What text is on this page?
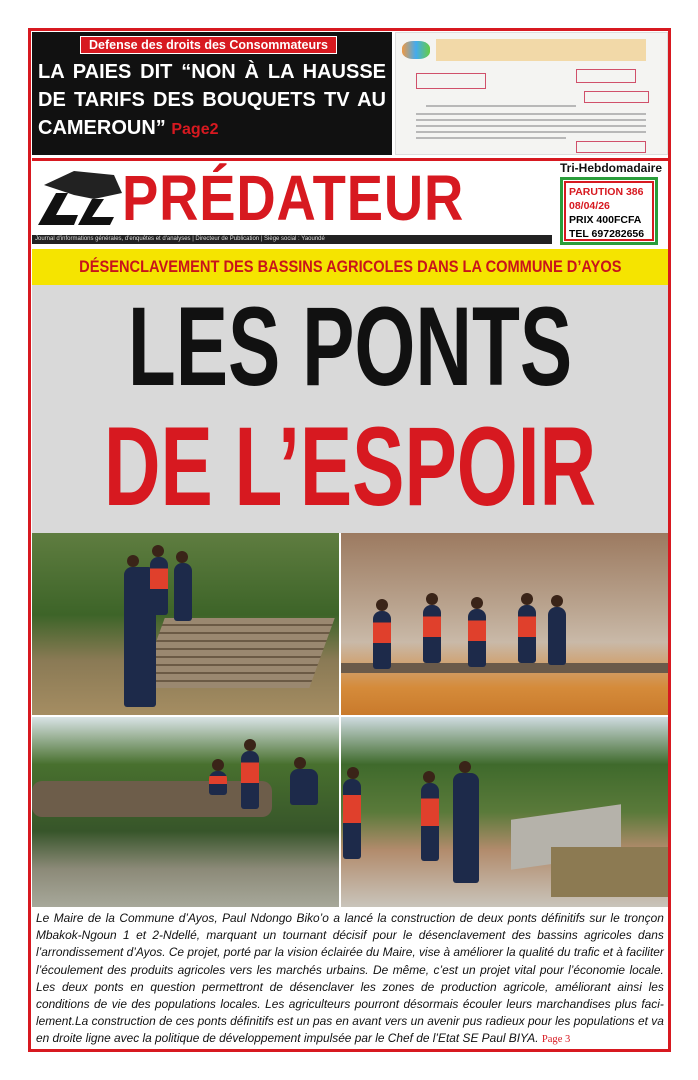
Defense des droits des Consommateurs
LA PAIES DIT “NON À LA HAUSSE DE TARIFS DES BOUQUETS TV AU CAMEROUN” Page2
PRÉDATEUR	Tri-Hebdomadaire
PARUTION 386
08/04/26
PRIX 400FCFA
TEL 697282656
Journal d'informations générales, d'enquêtes et d'analyses | Directeur de Publication | Siège social : Yaoundé
DÉSENCLAVEMENT DES BASSINS AGRICOLES DANS LA COMMUNE D’AYOS
LES PONTS
DE L’ESPOIR
Le Maire de la Commune d’Ayos, Paul Ndongo Biko’o a lancé la construction de deux ponts définitifs sur le tronçon Mbakok-Ngoun 1 et 2-Ndellé, marquant un tournant décisif pour le désenclavement des bassins agricoles dans l’arrondissement d’Ayos. Ce projet, porté par la vision éclairée du Maire, vise à améliorer la qualité du trafic et à faciliter l’écoulement des produits agricoles vers les marchés urbains. De même, c’est un projet vital pour l’économie locale. Les deux ponts en question permettront de désenclaver les zones de production agricole, améliorant ainsi les conditions de vie des populations locales. Les agriculteurs pourront désormais écouler leurs marchandises plus faci-lement.La construction de ces ponts définitifs est un pas en avant vers un avenir pus radieux pour les populations et va en droite ligne avec la politique de développement impulsée par le Chef de l’Etat SE Paul BIYA. Page 3
